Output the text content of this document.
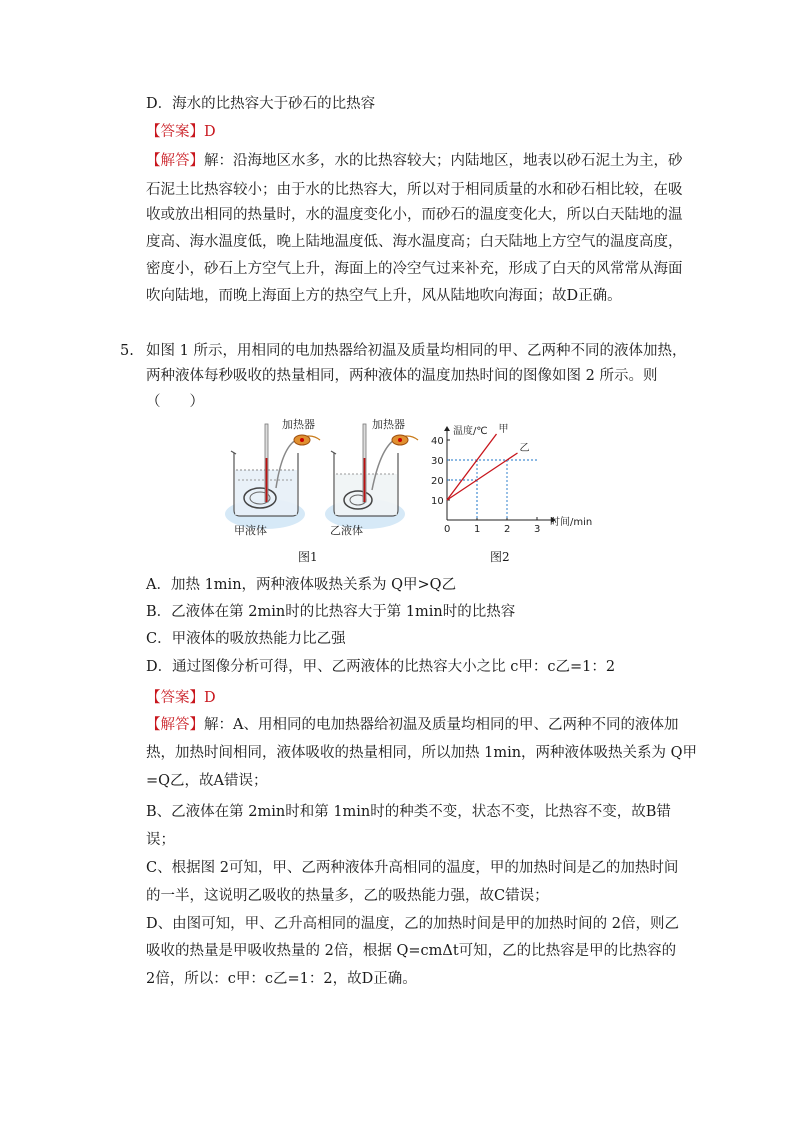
D．海水的比热容大于砂石的比热容
【答案】D
【解答】解：沿海地区水多，水的比热容较大；内陆地区，地表以砂石泥土为主，砂
石泥土比热容较小；由于水的比热容大，所以对于相同质量的水和砂石相比较，在吸
收或放出相同的热量时，水的温度变化小，而砂石的温度变化大，所以白天陆地的温
度高、海水温度低，晚上陆地温度低、海水温度高；白天陆地上方空气的温度高度，
密度小，砂石上方空气上升，海面上的冷空气过来补充，形成了白天的风常常从海面
吹向陆地，而晚上海面上方的热空气上升，风从陆地吹向海面；故D正确。
5. 如图 1 所示，用相同的电加热器给初温及质量均相同的甲、乙两种不同的液体加热，
两种液体每秒吸收的热量相同，两种液体的温度加热时间的图像如图 2 所示。则
（　　）
加热器	加热器
甲液体	乙液体
图1
温度/℃
时间/min
0 1 2 3
10
20
30
40
甲
乙
图2
A．加热 1min，两种液体吸热关系为 Q甲>Q乙
B．乙液体在第 2min时的比热容大于第 1min时的比热容
C．甲液体的吸放热能力比乙强
D．通过图像分析可得，甲、乙两液体的比热容大小之比 c甲：c乙=1：2
【答案】D
【解答】解：A、用相同的电加热器给初温及质量均相同的甲、乙两种不同的液体加
热，加热时间相同，液体吸收的热量相同，所以加热 1min，两种液体吸热关系为 Q甲
=Q乙，故A错误；
B、乙液体在第 2min时和第 1min时的种类不变，状态不变，比热容不变，故B错
误；
C、根据图 2可知，甲、乙两种液体升高相同的温度，甲的加热时间是乙的加热时间
的一半，这说明乙吸收的热量多，乙的吸热能力强，故C错误；
D、由图可知，甲、乙升高相同的温度，乙的加热时间是甲的加热时间的 2倍，则乙
吸收的热量是甲吸收热量的 2倍，根据 Q=cmΔt可知，乙的比热容是甲的比热容的
2倍，所以：c甲：c乙=1：2，故D正确。
